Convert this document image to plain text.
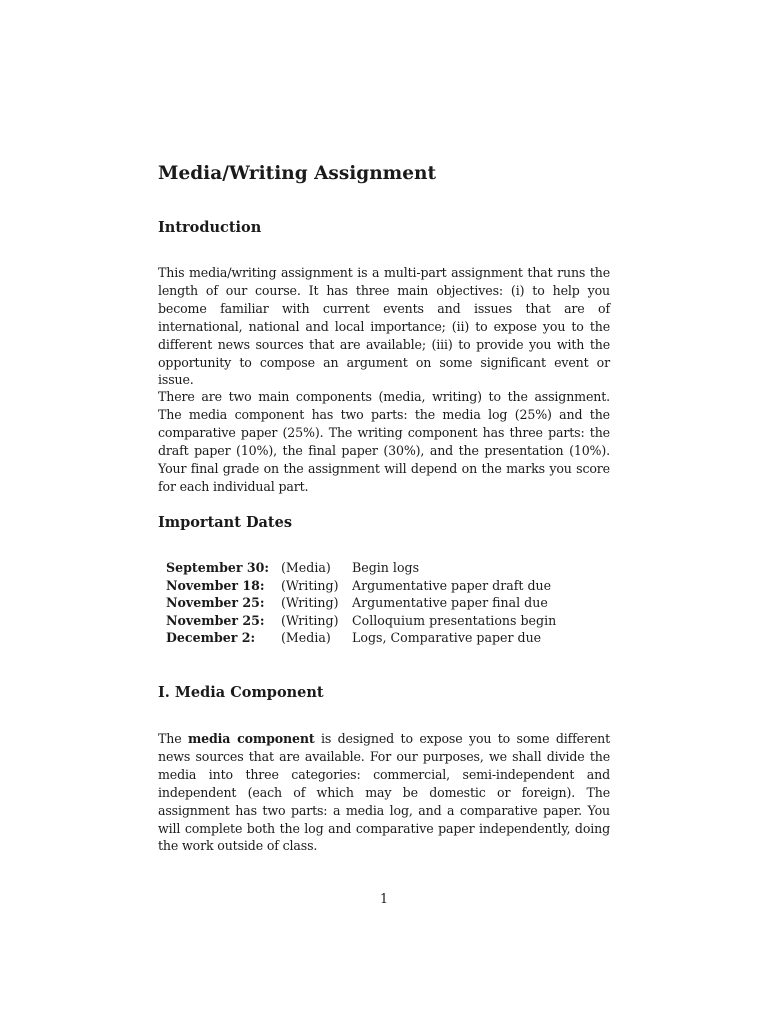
Media/Writing Assignment
Introduction

This media/writing assignment is a multi-part assignment that runs the length of our course. It has three main objectives: (i) to help you become familiar with current events and issues that are of international, national and local importance; (ii) to expose you to the different news sources that are available; (iii) to provide you with the opportunity to compose an argument on some significant event or issue.

There are two main components (media, writing) to the assignment. The media component has two parts: the media log (25%) and the comparative paper (25%). The writing component has three parts: the draft paper (10%), the final paper (30%), and the presentation (10%). Your final grade on the assignment will depend on the marks you score for each individual part.

Important Dates
September 30:	(Media)	Begin logs
November 18:	(Writing)	Argumentative paper draft due
November 25:	(Writing)	Argumentative paper final due
November 25:	(Writing)	Colloquium presentations begin
December 2:	(Media)	Logs, Comparative paper due
I. Media Component

The media component is designed to expose you to some different news sources that are available. For our purposes, we shall divide the media into three categories: commercial, semi-independent and independent (each of which may be domestic or foreign). The assignment has two parts: a media log, and a comparative paper. You will complete both the log and comparative paper independently, doing the work outside of class.

1
